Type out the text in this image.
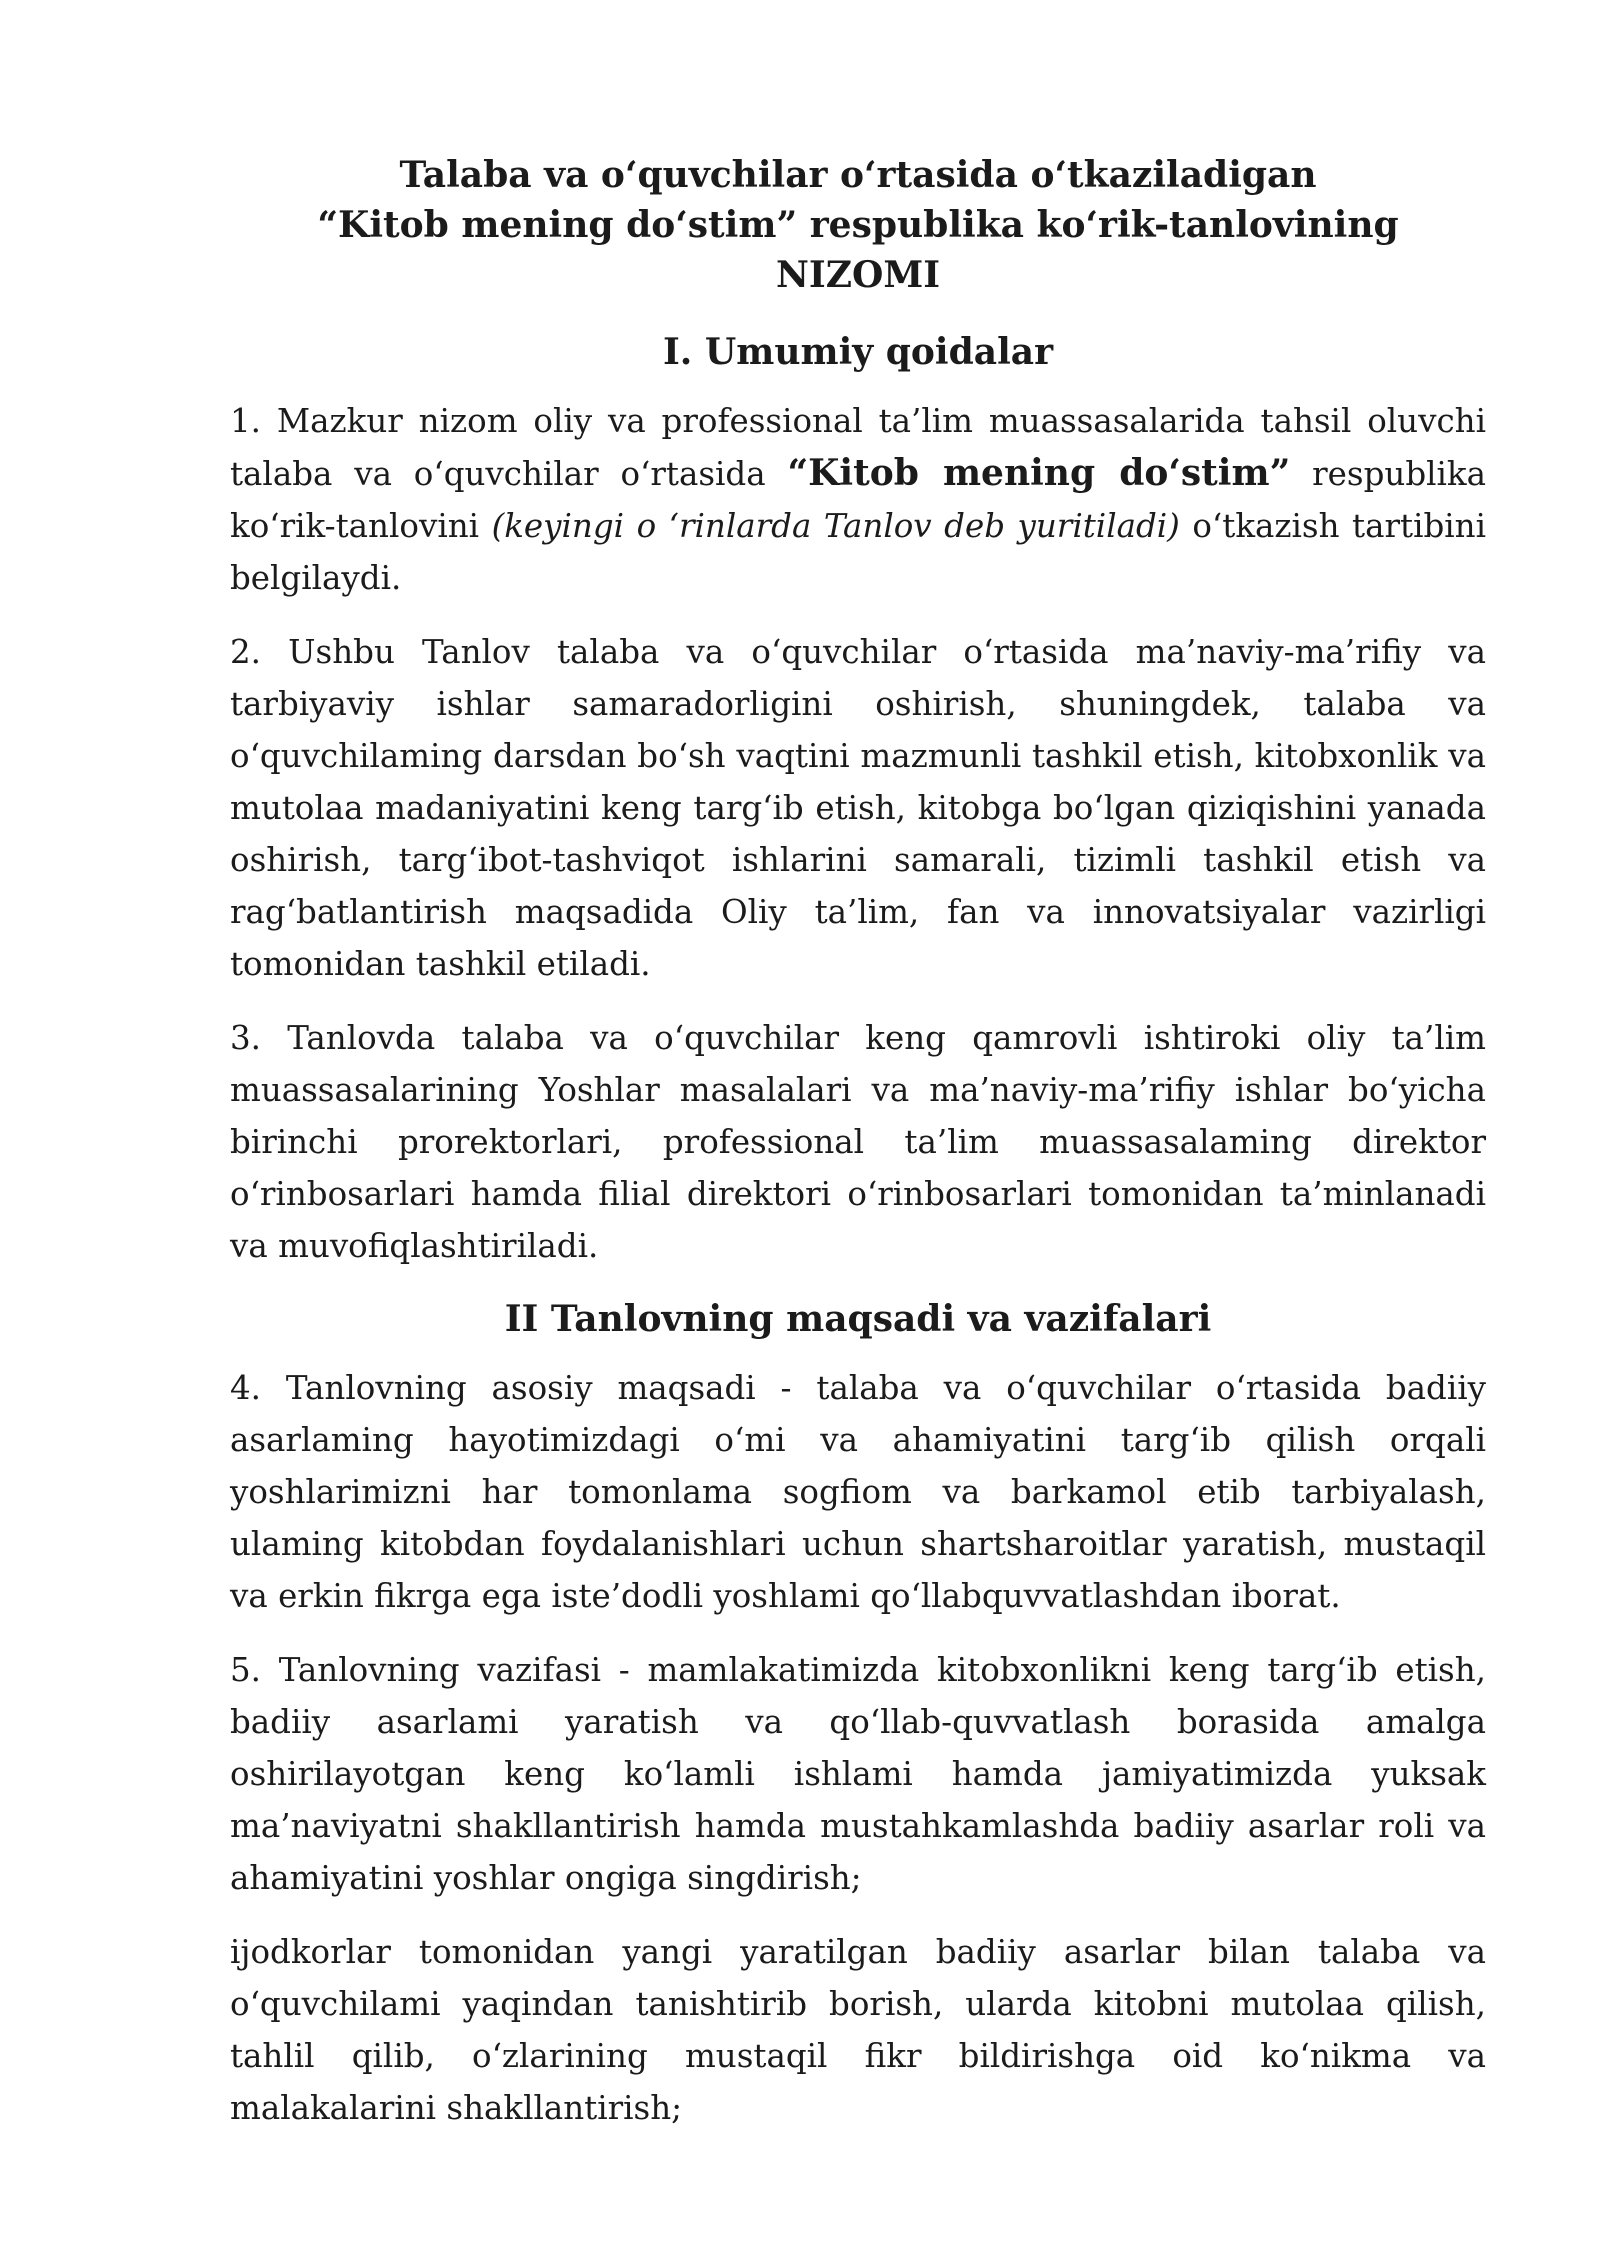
Talaba va o‘quvchilar o‘rtasida o‘tkaziladigan
“Kitob mening do‘stim” respublika ko‘rik-tanlovining NIZOMI
I. Umumiy qoidalar

1. Mazkur nizom oliy va professional ta’lim muassasalarida tahsil oluvchi talaba va o‘quvchilar o‘rtasida “Kitob mening do‘stim” respublika ko‘rik-tanlovini (keyingi o ‘rinlarda Tanlov deb yuritiladi) o‘tkazish tartibini belgilaydi.

2. Ushbu Tanlov talaba va o‘quvchilar o‘rtasida ma’naviy-ma’rifiy va tarbiyaviy ishlar samaradorligini oshirish, shuningdek, talaba va o‘quvchilaming darsdan bo‘sh vaqtini mazmunli tashkil etish, kitobxonlik va mutolaa madaniyatini keng targ‘ib etish, kitobga bo‘lgan qiziqishini yanada oshirish, targ‘ibot-tashviqot ishlarini samarali, tizimli tashkil etish va rag‘batlantirish maqsadida Oliy ta’lim, fan va innovatsiyalar vazirligi tomonidan tashkil etiladi.

3. Tanlovda talaba va o‘quvchilar keng qamrovli ishtiroki oliy ta’lim muassasalarining Yoshlar masalalari va ma’naviy-ma’rifiy ishlar bo‘yicha birinchi prorektorlari, professional ta’lim muassasalaming direktor o‘rinbosarlari hamda filial direktori o‘rinbosarlari tomonidan ta’minlanadi va muvofiqlashtiriladi.

II Tanlovning maqsadi va vazifalari

4. Tanlovning asosiy maqsadi - talaba va o‘quvchilar o‘rtasida badiiy asarlaming hayotimizdagi o‘mi va ahamiyatini targ‘ib qilish orqali yoshlarimizni har tomonlama sogfiom va barkamol etib tarbiyalash, ulaming kitobdan foydalanishlari uchun shartsharoitlar yaratish, mustaqil va erkin fikrga ega iste’dodli yoshlami qo‘llabquvvatlashdan iborat.

5. Tanlovning vazifasi - mamlakatimizda kitobxonlikni keng targ‘ib etish, badiiy asarlami yaratish va qo‘llab-quvvatlash borasida amalga oshirilayotgan keng ko‘lamli ishlami hamda jamiyatimizda yuksak ma’naviyatni shakllantirish hamda mustahkamlashda badiiy asarlar roli va ahamiyatini yoshlar ongiga singdirish;

ijodkorlar tomonidan yangi yaratilgan badiiy asarlar bilan talaba va o‘quvchilami yaqindan tanishtirib borish, ularda kitobni mutolaa qilish, tahlil qilib, o‘zlarining mustaqil fikr bildirishga oid ko‘nikma va malakalarini shakllantirish;
